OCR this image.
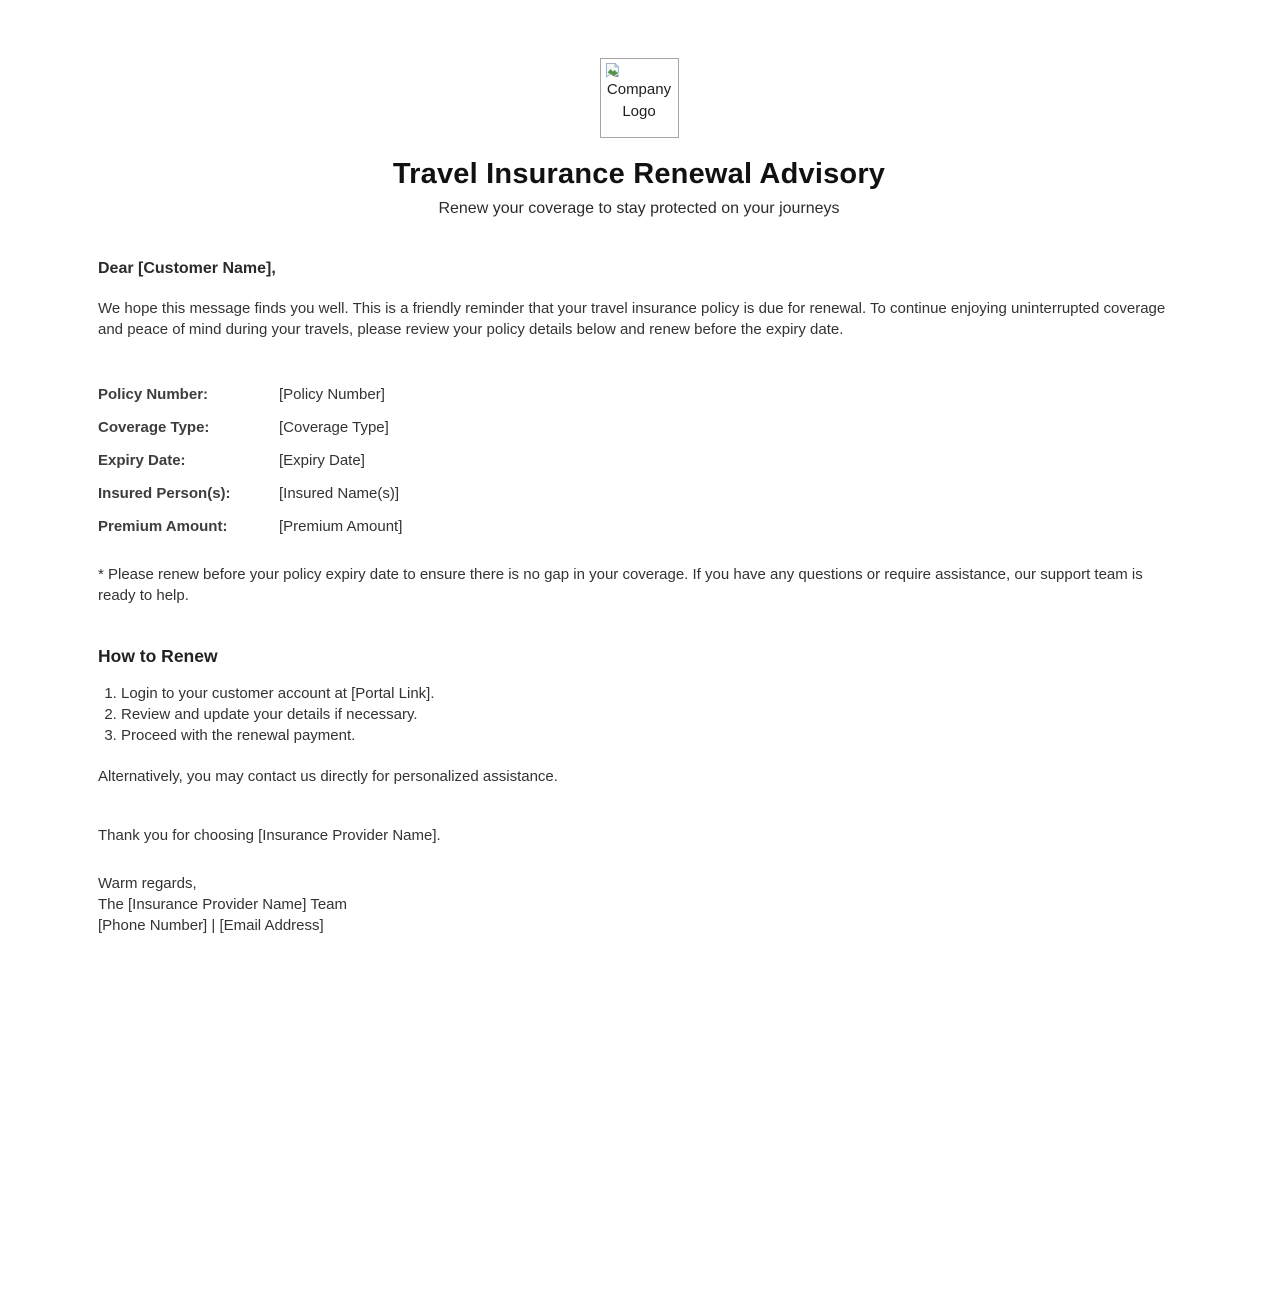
Company Logo
Travel Insurance Renewal Advisory

Renew your coverage to stay protected on your journeys

Dear [Customer Name],

We hope this message finds you well. This is a friendly reminder that your travel insurance policy is due for renewal. To continue enjoying uninterrupted coverage and peace of mind during your travels, please review your policy details below and renew before the expiry date.

Policy Number:	[Policy Number]
Coverage Type:	[Coverage Type]
Expiry Date:	[Expiry Date]
Insured Person(s):	[Insured Name(s)]
Premium Amount:	[Premium Amount]

* Please renew before your policy expiry date to ensure there is no gap in your coverage. If you have any questions or require assistance, our support team is ready to help.

How to Renew
1. Login to your customer account at [Portal Link].
2. Review and update your details if necessary.
3. Proceed with the renewal payment.

Alternatively, you may contact us directly for personalized assistance.

Thank you for choosing [Insurance Provider Name].

Warm regards,
The [Insurance Provider Name] Team
[Phone Number] | [Email Address]
